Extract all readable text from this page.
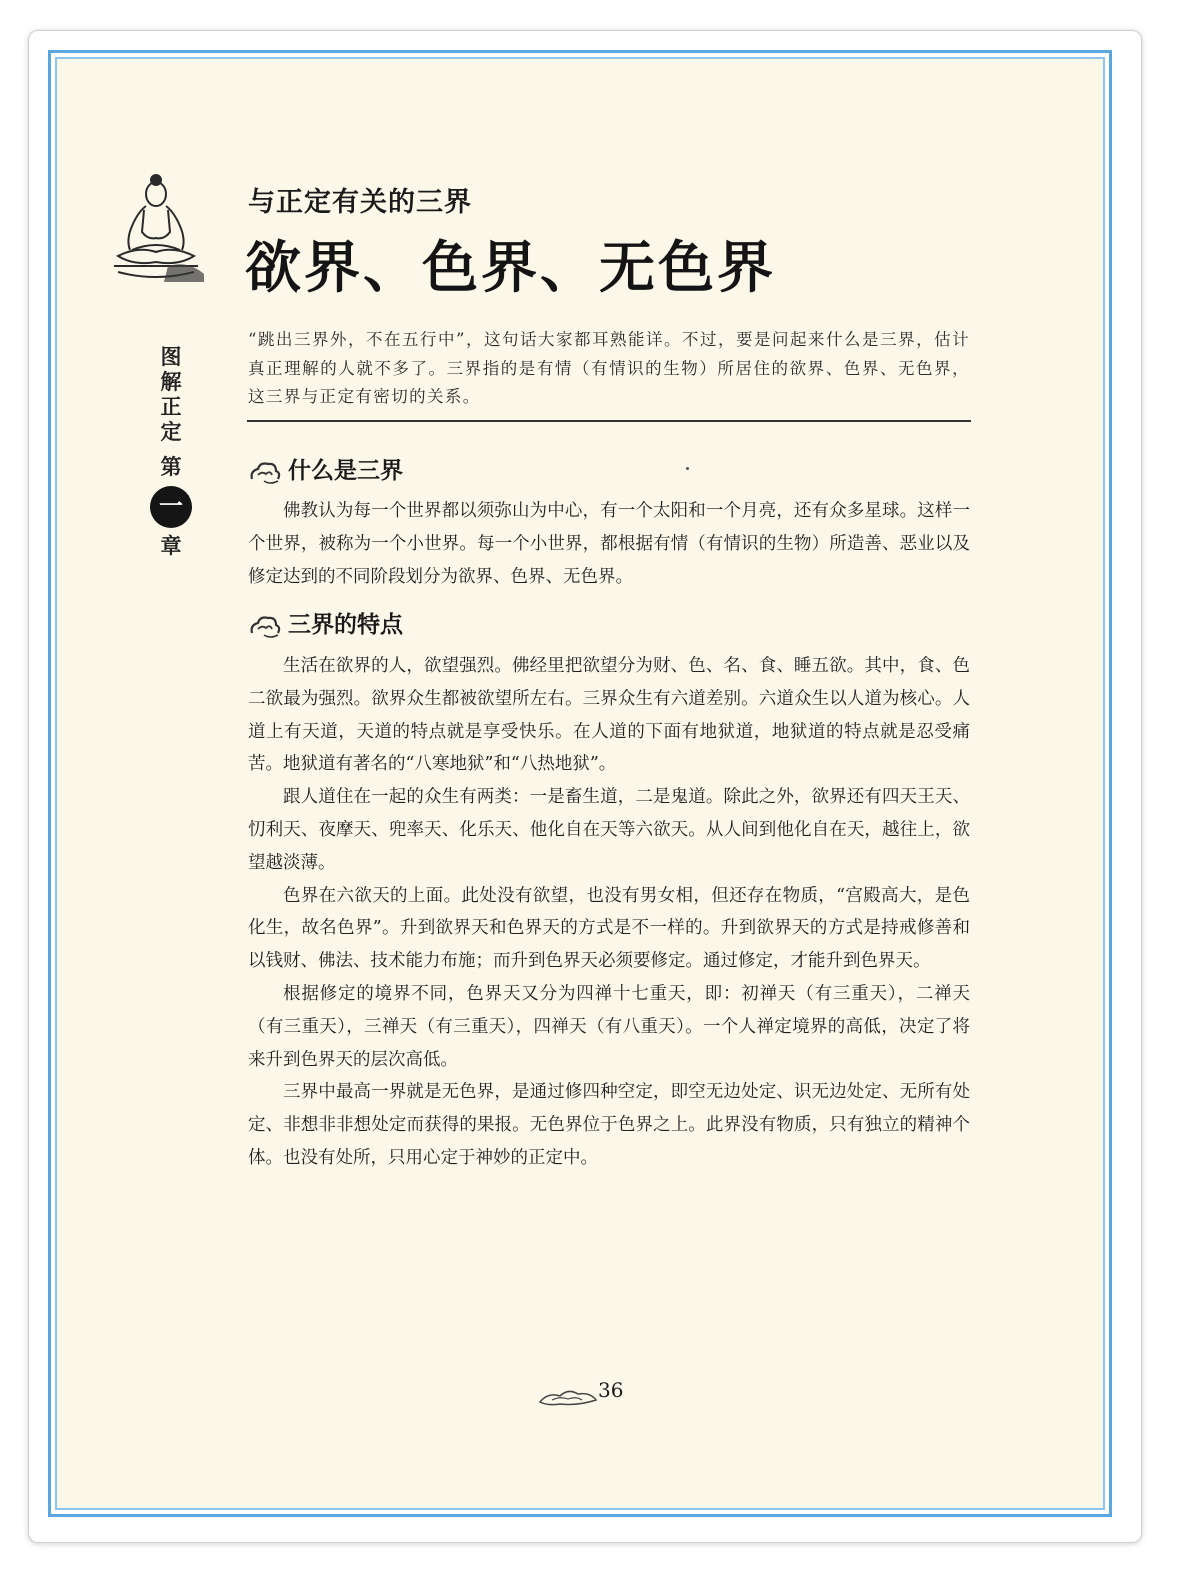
图
解
正
定
第
一
章
与正定有关的三界
欲界、色界、无色界
“跳出三界外，不在五行中”，这句话大家都耳熟能详。不过，要是问起来什么是三界，估计真正理解的人就不多了。三界指的是有情（有情识的生物）所居住的欲界、色界、无色界，这三界与正定有密切的关系。
什么是三界

佛教认为每一个世界都以须弥山为中心，有一个太阳和一个月亮，还有众多星球。这样一个世界，被称为一个小世界。每一个小世界，都根据有情（有情识的生物）所造善、恶业以及修定达到的不同阶段划分为欲界、色界、无色界。

三界的特点

生活在欲界的人，欲望强烈。佛经里把欲望分为财、色、名、食、睡五欲。其中，食、色二欲最为强烈。欲界众生都被欲望所左右。三界众生有六道差别。六道众生以人道为核心。人道上有天道，天道的特点就是享受快乐。在人道的下面有地狱道，地狱道的特点就是忍受痛苦。地狱道有著名的“八寒地狱”和“八热地狱”。

跟人道住在一起的众生有两类：一是畜生道，二是鬼道。除此之外，欲界还有四天王天、忉利天、夜摩天、兜率天、化乐天、他化自在天等六欲天。从人间到他化自在天，越往上，欲望越淡薄。

色界在六欲天的上面。此处没有欲望，也没有男女相，但还存在物质，“宫殿高大，是色化生，故名色界”。升到欲界天和色界天的方式是不一样的。升到欲界天的方式是持戒修善和以钱财、佛法、技术能力布施；而升到色界天必须要修定。通过修定，才能升到色界天。

根据修定的境界不同，色界天又分为四禅十七重天，即：初禅天（有三重天），二禅天（有三重天），三禅天（有三重天），四禅天（有八重天）。一个人禅定境界的高低，决定了将来升到色界天的层次高低。

三界中最高一界就是无色界，是通过修四种空定，即空无边处定、识无边处定、无所有处定、非想非非想处定而获得的果报。无色界位于色界之上。此界没有物质，只有独立的精神个体。也没有处所，只用心定于神妙的正定中。

36
